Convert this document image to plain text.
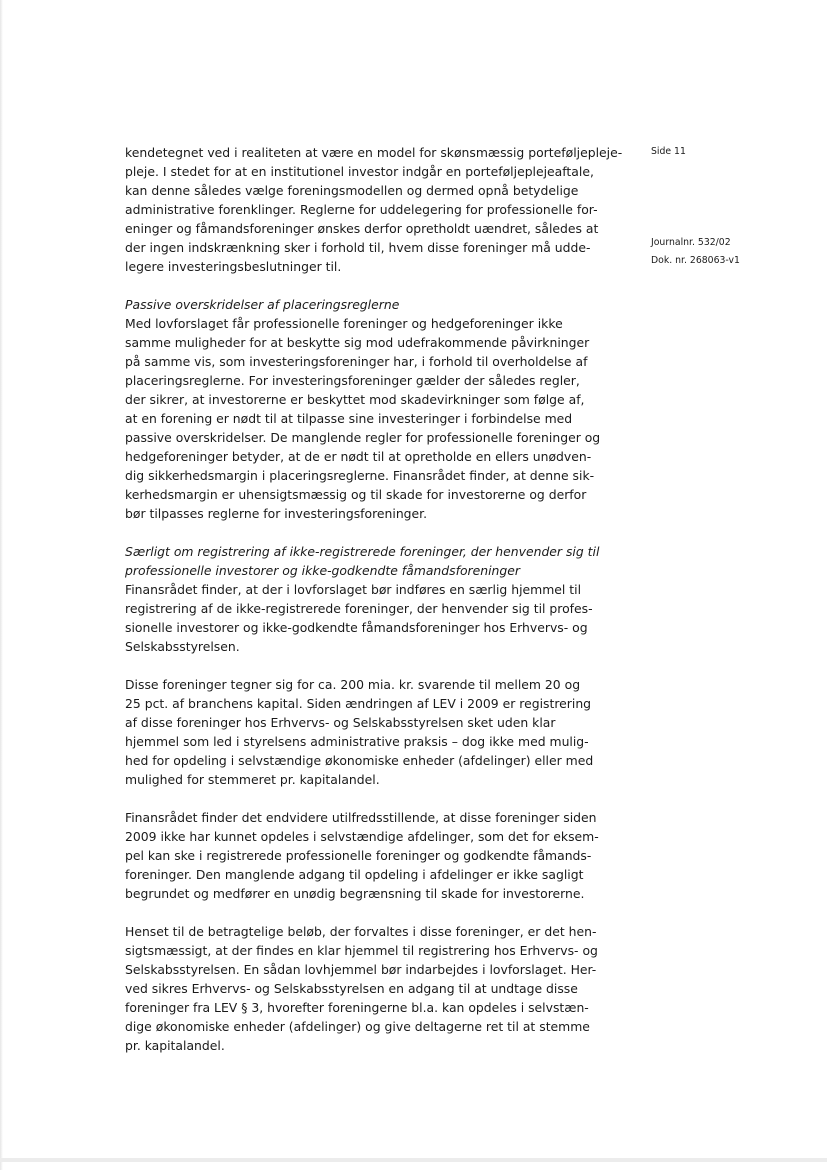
Side 11
Journalnr. 532/02
Dok. nr. 268063-v1
kendetegnet ved i realiteten at være en model for skønsmæssig porteføljepleje-
pleje. I stedet for at en institutionel investor indgår en porteføljeplejeaftale,
kan denne således vælge foreningsmodellen og dermed opnå betydelige
administrative forenklinger. Reglerne for uddelegering for professionelle for-
eninger og fåmandsforeninger ønskes derfor opretholdt uændret, således at
der ingen indskrænkning sker i forhold til, hvem disse foreninger må udde-
legere investeringsbeslutninger til.
Passive overskridelser af placeringsreglerne
Med lovforslaget får professionelle foreninger og hedgeforeninger ikke
samme muligheder for at beskytte sig mod udefrakommende påvirkninger
på samme vis, som investeringsforeninger har, i forhold til overholdelse af
placeringsreglerne. For investeringsforeninger gælder der således regler,
der sikrer, at investorerne er beskyttet mod skadevirkninger som følge af,
at en forening er nødt til at tilpasse sine investeringer i forbindelse med
passive overskridelser. De manglende regler for professionelle foreninger og
hedgeforeninger betyder, at de er nødt til at opretholde en ellers unødven-
dig sikkerhedsmargin i placeringsreglerne. Finansrådet finder, at denne sik-
kerhedsmargin er uhensigtsmæssig og til skade for investorerne og derfor
bør tilpasses reglerne for investeringsforeninger.
Særligt om registrering af ikke-registrerede foreninger, der henvender sig til
professionelle investorer og ikke-godkendte fåmandsforeninger
Finansrådet finder, at der i lovforslaget bør indføres en særlig hjemmel til
registrering af de ikke-registrerede foreninger, der henvender sig til profes-
sionelle investorer og ikke-godkendte fåmandsforeninger hos Erhvervs- og
Selskabsstyrelsen.
Disse foreninger tegner sig for ca. 200 mia. kr. svarende til mellem 20 og
25 pct. af branchens kapital. Siden ændringen af LEV i 2009 er registrering
af disse foreninger hos Erhvervs- og Selskabsstyrelsen sket uden klar
hjemmel som led i styrelsens administrative praksis – dog ikke med mulig-
hed for opdeling i selvstændige økonomiske enheder (afdelinger) eller med
mulighed for stemmeret pr. kapitalandel.
Finansrådet finder det endvidere utilfredsstillende, at disse foreninger siden
2009 ikke har kunnet opdeles i selvstændige afdelinger, som det for eksem-
pel kan ske i registrerede professionelle foreninger og godkendte fåmands-
foreninger. Den manglende adgang til opdeling i afdelinger er ikke sagligt
begrundet og medfører en unødig begrænsning til skade for investorerne.
Henset til de betragtelige beløb, der forvaltes i disse foreninger, er det hen-
sigtsmæssigt, at der findes en klar hjemmel til registrering hos Erhvervs- og
Selskabsstyrelsen. En sådan lovhjemmel bør indarbejdes i lovforslaget. Her-
ved sikres Erhvervs- og Selskabsstyrelsen en adgang til at undtage disse
foreninger fra LEV § 3, hvorefter foreningerne bl.a. kan opdeles i selvstæn-
dige økonomiske enheder (afdelinger) og give deltagerne ret til at stemme
pr. kapitalandel.
